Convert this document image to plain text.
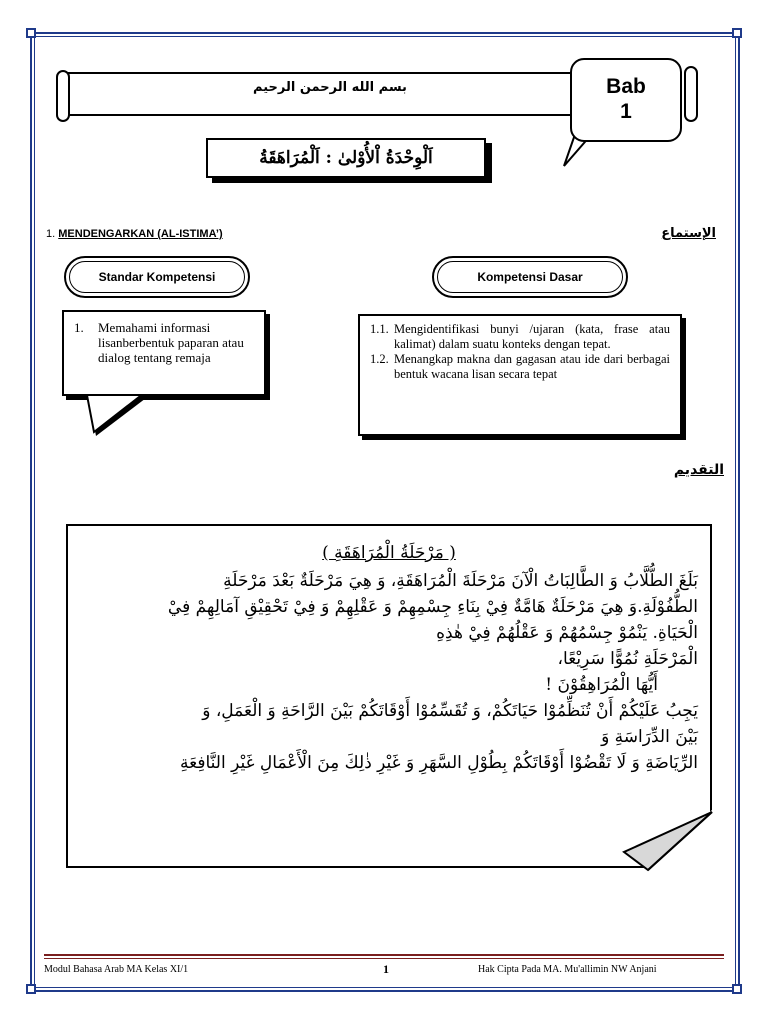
بسم الله الرحمن الرحيم	Bab
1
اَلْوِحْدَةُ اْلأُوْلىٰ : اَلْمُرَاهَقَةُ
1. MENDENGARKAN (AL-ISTIMA’)	الإستماع
Standar Kompetensi	Kompetensi Dasar
1.	Memahami informasi lisanberbentuk paparan atau dialog tentang remaja
1.1. Mengidentifikasi bunyi /ujaran (kata, frase atau kalimat) dalam suatu konteks dengan tepat.
1.2. Menangkap makna dan gagasan atau ide dari berbagai bentuk wacana lisan secara tepat
التقديم
( مَرْحَلَةُ الْمُرَاهَقَةِ )
بَلَغَ الطُّلَّابُ وَ الطَّالِبَاتُ الْآنَ مَرْحَلَةَ الْمُرَاهَقَةِ، وَ هِيَ مَرْحَلَةٌ بَعْدَ مَرْحَلَةِ
الطُّفُوْلَةِ.وَ هِيَ مَرْحَلَةٌ هَامَّةٌ فِيْ بِنَاءِ جِسْمِهِمْ وَ عَقْلِهِمْ وَ فِيْ تَحْقِيْقِ آمَالِهِمْ فِيْ
الْحَيَاةِ. يَنْمُوْ جِسْمُهُمْ وَ عَقْلُهُمْ فِيْ هٰذِهِ
الْمَرْحَلَةِ نُمُوًّا سَرِيْعًا،
أَيُّهَا الْمُرَاهِقُوْنَ !
يَجِبُ عَلَيْكُمْ أَنْ تُنَظِّمُوْا حَيَاتَكُمْ، وَ تُقَسِّمُوْا أَوْقَاتَكُمْ بَيْنَ الرَّاحَةِ وَ الْعَمَلِ، وَ
بَيْنَ الدِّرَاسَةِ وَ
الرِّيَاضَةِ وَ لَا تَقْضُوْا أَوْقَاتَكُمْ بِطُوْلِ السَّهَرِ وَ غَيْرِ ذٰلِكَ مِنَ الْأَعْمَالِ غَيْرِ النَّافِعَةِ
Modul Bahasa Arab MA Kelas XI/1	1	Hak Cipta Pada MA. Mu'allimin NW Anjani
